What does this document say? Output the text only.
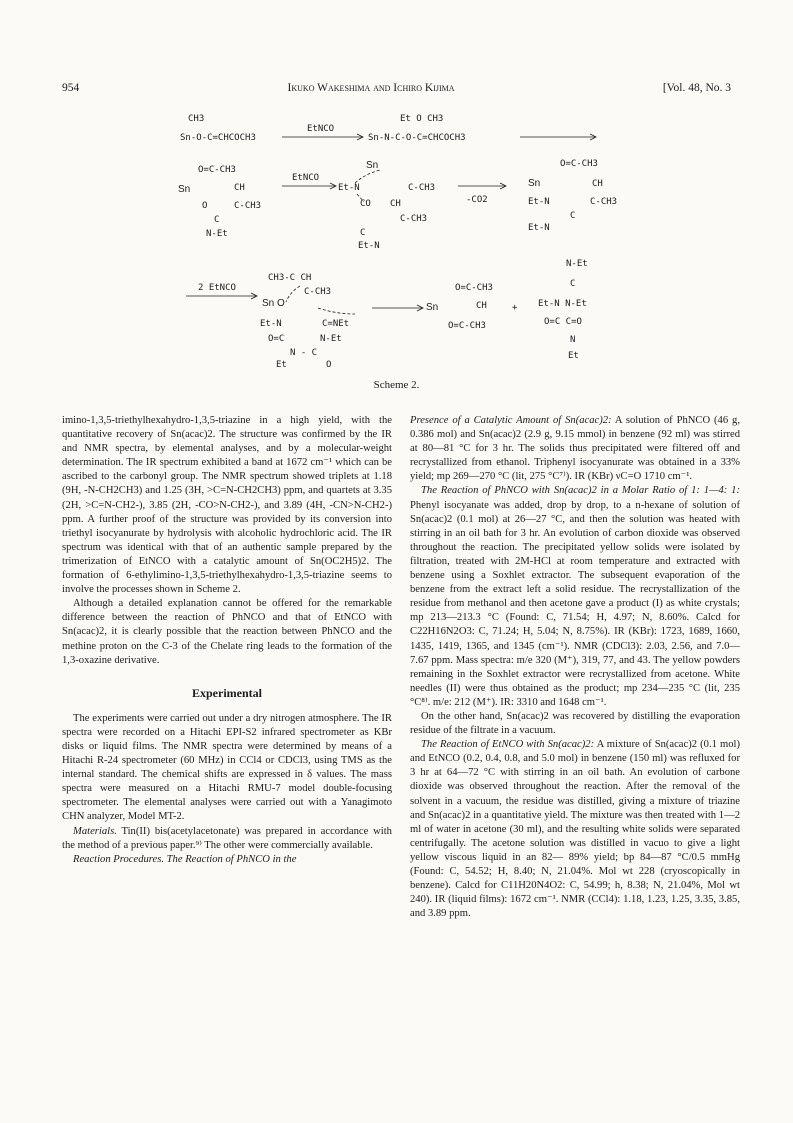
954	Ikuko Wakeshima and Ichiro Kijima	[Vol. 48, No. 3
CH3
Sn-O-C=CHCOCH3
EtNCO
Et O CH3
Sn-N-C-O-C=CHCOCH3
O=C-CH3
Sn	CH
C-CH3
O
C
N-Et
EtNCO
Sn
Et-N	C-CH3
CO CH
C-CH3
C
Et-N
-CO2
O=C-CH3
Sn	CH
Et-N	C-CH3
C
Et-N
2 EtNCO
CH3-C CH
C-CH3
Sn O
Et-N	C=NEt
O=C	N-Et
N - C
Et	O
O=C-CH3
Sn	CH
O=C-CH3
+
N-Et
C
Et-N N-Et
O=C C=O
N
Et
Scheme 2.

imino-1,3,5-triethylhexahydro-1,3,5-triazine in a high yield, with the quantitative recovery of Sn(acac)2. The structure was confirmed by the IR and NMR spectra, by elemental analyses, and by a molecular-weight determination. The IR spectrum exhibited a band at 1672 cm⁻¹ which can be ascribed to the carbonyl group. The NMR spectrum showed triplets at 1.18 (9H, -N-CH2CH3) and 1.25 (3H, >C=N-CH2CH3) ppm, and quartets at 3.35 (2H, >C=N-CH2-), 3.85 (2H, -CO>N-CH2-), and 3.89 (4H, -CN>N-CH2-) ppm. A further proof of the structure was provided by its conversion into triethyl isocyanurate by hydrolysis with alcoholic hydrochloric acid. The IR spectrum was identical with that of an authentic sample prepared by the trimerization of EtNCO with a catalytic amount of Sn(OC2H5)2. The formation of 6-ethylimino-1,3,5-triethylhexahydro-1,3,5-triazine seems to involve the processes shown in Scheme 2.

Although a detailed explanation cannot be offered for the remarkable difference between the reaction of PhNCO and that of EtNCO with Sn(acac)2, it is clearly possible that the reaction between PhNCO and the methine proton on the C-3 of the Chelate ring leads to the formation of the 1,3-oxazine derivative.

Experimental

The experiments were carried out under a dry nitrogen atmosphere. The IR spectra were recorded on a Hitachi EPI-S2 infrared spectrometer as KBr disks or liquid films. The NMR spectra were determined by means of a Hitachi R-24 spectrometer (60 MHz) in CCl4 or CDCl3, using TMS as the internal standard. The chemical shifts are expressed in δ values. The mass spectra were measured on a Hitachi RMU-7 model double-focusing spectrometer. The elemental analyses were carried out with a Yanagimoto CHN analyzer, Model MT-2.

Materials. Tin(II) bis(acetylacetonate) was prepared in accordance with the method of a previous paper.⁹⁾ The other were commercially available.

Reaction Procedures. The Reaction of PhNCO in the

Presence of a Catalytic Amount of Sn(acac)2: A solution of PhNCO (46 g, 0.386 mol) and Sn(acac)2 (2.9 g, 9.15 mmol) in benzene (92 ml) was stirred at 80—81 °C for 3 hr. The solids thus precipitated were filtered off and recrystallized from ethanol. Triphenyl isocyanurate was obtained in a 33% yield; mp 269—270 °C (lit, 275 °C⁷⁾). IR (KBr) νC=O 1710 cm⁻¹.

The Reaction of PhNCO with Sn(acac)2 in a Molar Ratio of 1: 1—4: 1: Phenyl isocyanate was added, drop by drop, to a n-hexane of solution of Sn(acac)2 (0.1 mol) at 26—27 °C, and then the solution was heated with stirring in an oil bath for 3 hr. An evolution of carbon dioxide was observed throughout the reaction. The precipitated yellow solids were isolated by filtration, treated with 2M-HCl at room temperature and extracted with benzene using a Soxhlet extractor. The subsequent evaporation of the benzene from the extract left a solid residue. The recrystallization of the residue from methanol and then acetone gave a product (I) as white crystals; mp 213—213.3 °C (Found: C, 71.54; H, 4.97; N, 8.60%. Calcd for C22H16N2O3: C, 71.24; H, 5.04; N, 8.75%). IR (KBr): 1723, 1689, 1660, 1435, 1419, 1365, and 1345 (cm⁻¹). NMR (CDCl3): 2.03, 2.56, and 7.0—7.67 ppm. Mass spectra: m/e 320 (M⁺), 319, 77, and 43. The yellow powders remaining in the Soxhlet extractor were recrystallized from acetone. White needles (II) were thus obtained as the product; mp 234—235 °C (lit, 235 °C⁸⁾. m/e: 212 (M⁺). IR: 3310 and 1648 cm⁻¹.

On the other hand, Sn(acac)2 was recovered by distilling the evaporation residue of the filtrate in a vacuum.

The Reaction of EtNCO with Sn(acac)2: A mixture of Sn(acac)2 (0.1 mol) and EtNCO (0.2, 0.4, 0.8, and 5.0 mol) in benzene (150 ml) was refluxed for 3 hr at 64—72 °C with stirring in an oil bath. An evolution of carbone dioxide was observed throughout the reaction. After the removal of the solvent in a vacuum, the residue was distilled, giving a mixture of triazine and Sn(acac)2 in a quantitative yield. The mixture was then treated with 1—2 ml of water in acetone (30 ml), and the resulting white solids were separated centrifugally. The acetone solution was distilled in vacuo to give a light yellow viscous liquid in an 82— 89% yield; bp 84—87 °C/0.5 mmHg (Found: C, 54.52; H, 8.40; N, 21.04%. Mol wt 228 (cryoscopically in benzene). Calcd for C11H20N4O2: C, 54.99; h, 8.38; N, 21.04%, Mol wt 240). IR (liquid films): 1672 cm⁻¹. NMR (CCl4): 1.18, 1.23, 1.25, 3.35, 3.85, and 3.89 ppm.
